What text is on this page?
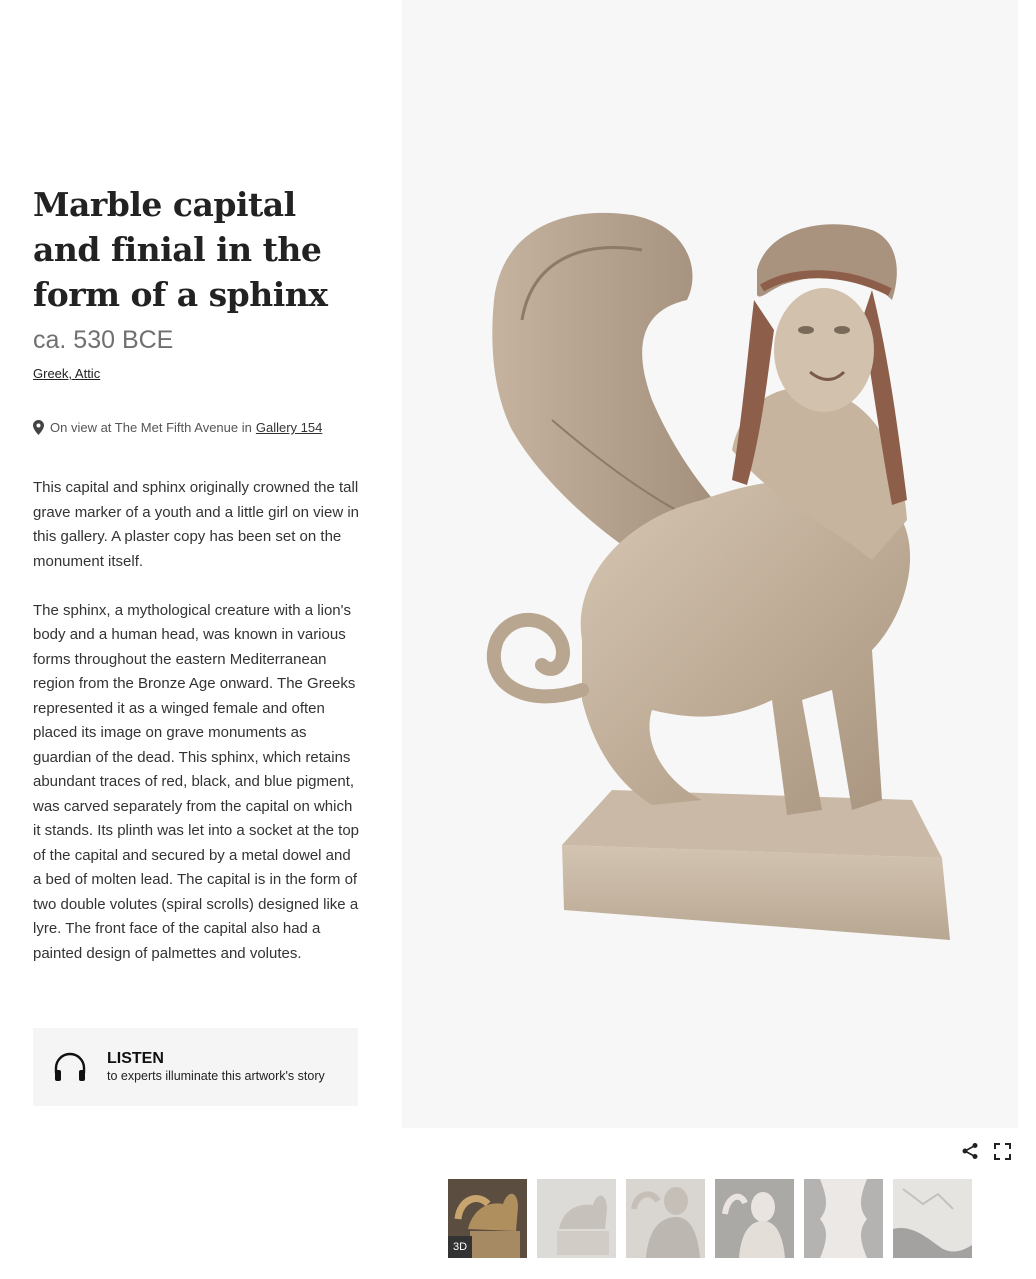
Marble capital and finial in the form of a sphinx
ca. 530 BCE
Greek, Attic
On view at The Met Fifth Avenue in Gallery 154

This capital and sphinx originally crowned the tall grave marker of a youth and a little girl on view in this gallery. A plaster copy has been set on the monument itself.

The sphinx, a mythological creature with a lion's body and a human head, was known in various forms throughout the eastern Mediterranean region from the Bronze Age onward. The Greeks represented it as a winged female and often placed its image on grave monuments as guardian of the dead. This sphinx, which retains abundant traces of red, black, and blue pigment, was carved separately from the capital on which it stands. Its plinth was let into a socket at the top of the capital and secured by a metal dowel and a bed of molten lead. The capital is in the form of two double volutes (spiral scrolls) designed like a lyre. The front face of the capital also had a painted design of palmettes and volutes.

LISTEN
to experts illuminate this artwork's story
3D
